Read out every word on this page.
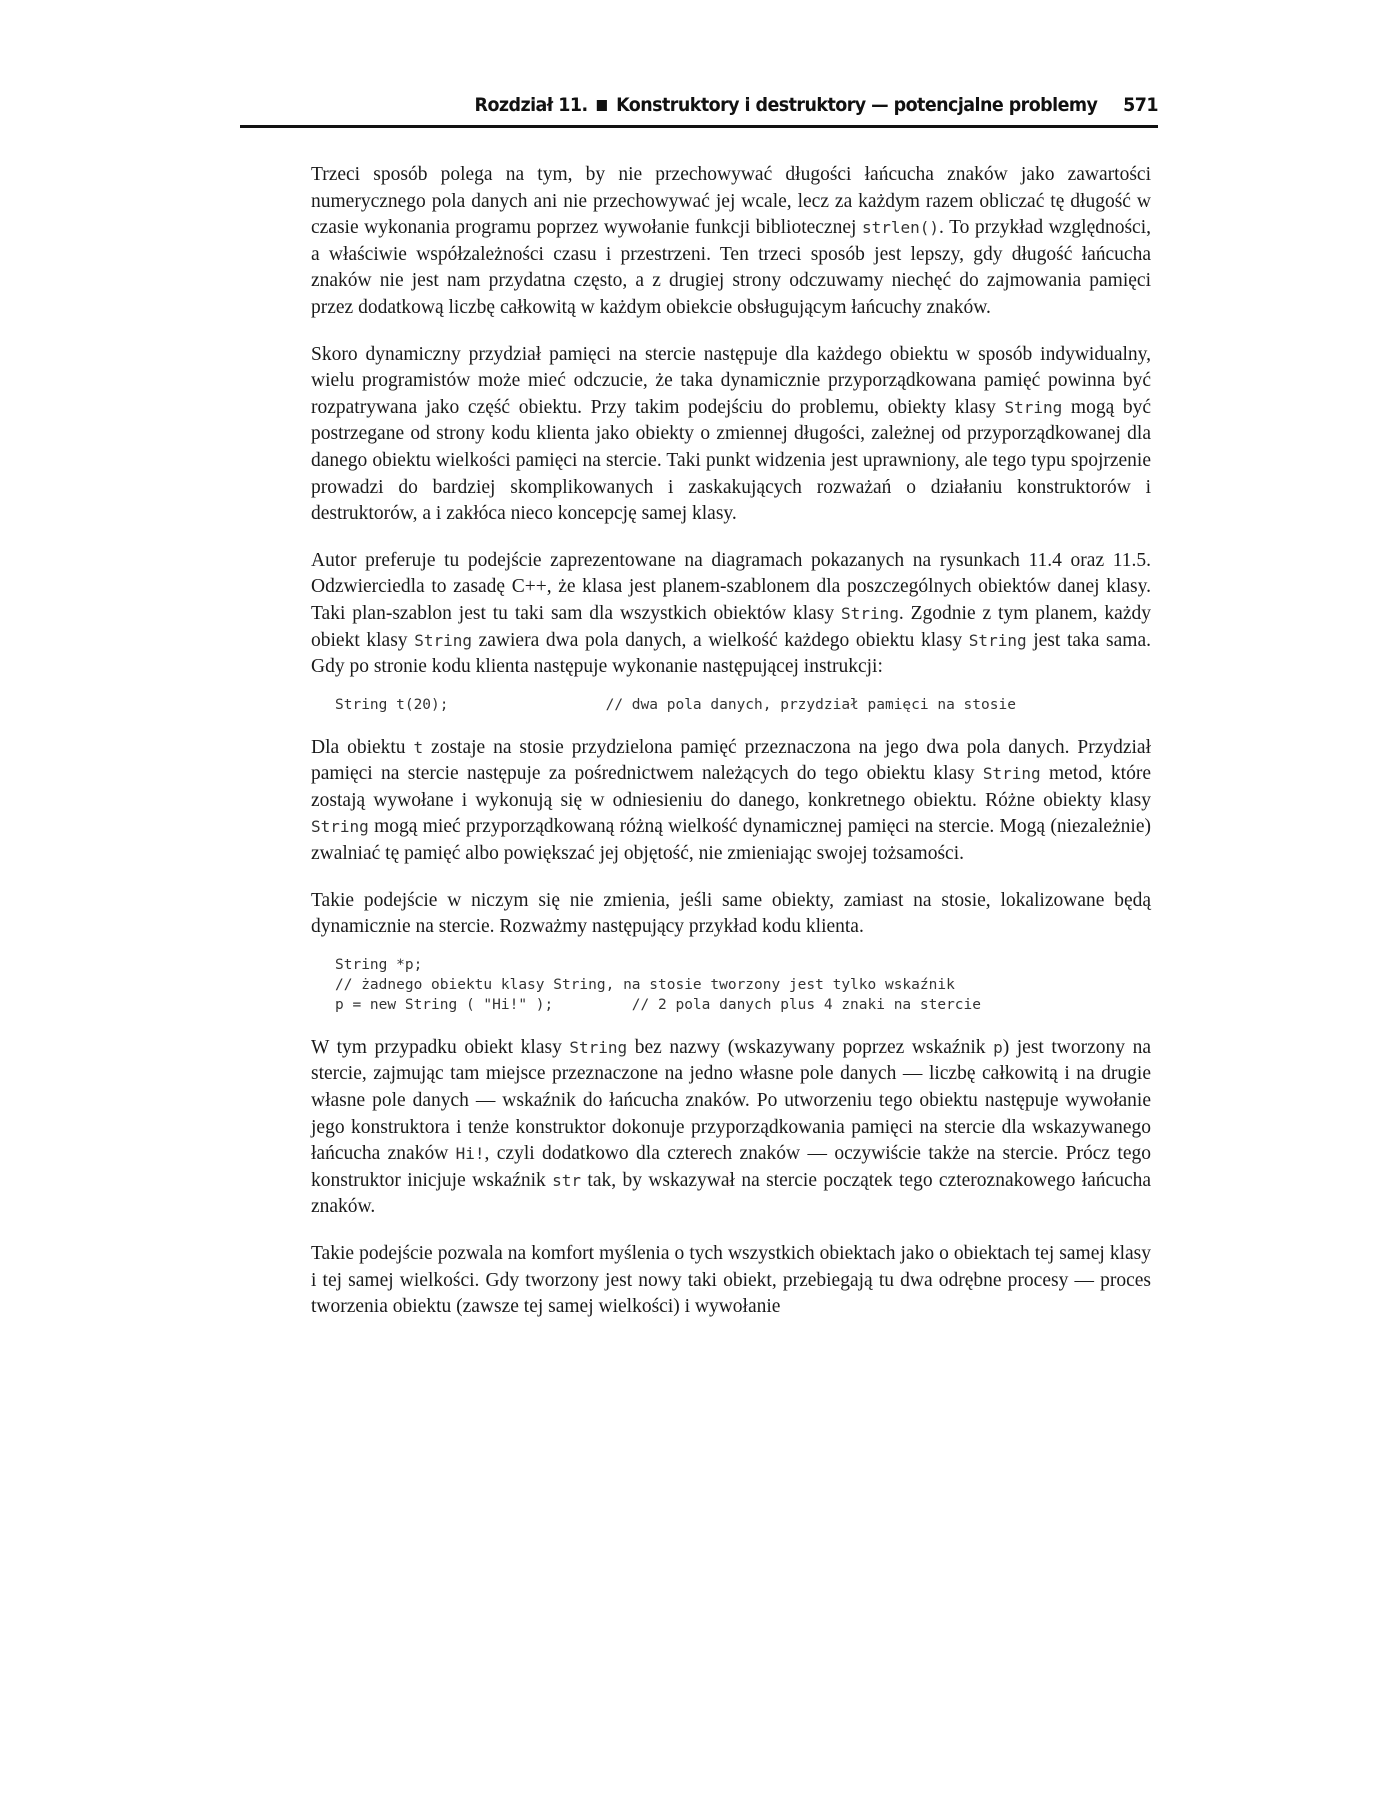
Rozdział 11. Konstruktory i destruktory — potencjalne problemy 571

Trzeci sposób polega na tym, by nie przechowywać długości łańcucha znaków jako zawartości numerycznego pola danych ani nie przechowywać jej wcale, lecz za każdym razem obliczać tę długość w czasie wykonania programu poprzez wywołanie funkcji bibliotecznej strlen(). To przykład względności, a właściwie współzależności czasu i przestrzeni. Ten trzeci sposób jest lepszy, gdy długość łańcucha znaków nie jest nam przydatna często, a z drugiej strony odczuwamy niechęć do zajmowania pamięci przez dodatkową liczbę całkowitą w każdym obiekcie obsługującym łańcuchy znaków.

Skoro dynamiczny przydział pamięci na stercie następuje dla każdego obiektu w sposób indywidualny, wielu programistów może mieć odczucie, że taka dynamicznie przyporządkowana pamięć powinna być rozpatrywana jako część obiektu. Przy takim podejściu do problemu, obiekty klasy String mogą być postrzegane od strony kodu klienta jako obiekty o zmiennej długości, zależnej od przyporządkowanej dla danego obiektu wielkości pamięci na stercie. Taki punkt widzenia jest uprawniony, ale tego typu spojrzenie prowadzi do bardziej skomplikowanych i zaskakujących rozważań o działaniu konstruktorów i destruktorów, a i zakłóca nieco koncepcję samej klasy.

Autor preferuje tu podejście zaprezentowane na diagramach pokazanych na rysunkach 11.4 oraz 11.5. Odzwierciedla to zasadę C++, że klasa jest planem-szablonem dla poszczególnych obiektów danej klasy. Taki plan-szablon jest tu taki sam dla wszystkich obiektów klasy String. Zgodnie z tym planem, każdy obiekt klasy String zawiera dwa pola danych, a wielkość każdego obiektu klasy String jest taka sama. Gdy po stronie kodu klienta następuje wykonanie następującej instrukcji:

String t(20);                  // dwa pola danych, przydział pamięci na stosie

Dla obiektu t zostaje na stosie przydzielona pamięć przeznaczona na jego dwa pola danych. Przydział pamięci na stercie następuje za pośrednictwem należących do tego obiektu klasy String metod, które zostają wywołane i wykonują się w odniesieniu do danego, konkretnego obiektu. Różne obiekty klasy String mogą mieć przyporządkowaną różną wielkość dynamicznej pamięci na stercie. Mogą (niezależnie) zwalniać tę pamięć albo powiększać jej objętość, nie zmieniając swojej tożsamości.

Takie podejście w niczym się nie zmienia, jeśli same obiekty, zamiast na stosie, lokalizowane będą dynamicznie na stercie. Rozważmy następujący przykład kodu klienta.

String *p;
// żadnego obiektu klasy String, na stosie tworzony jest tylko wskaźnik
p = new String ( "Hi!" );         // 2 pola danych plus 4 znaki na stercie

W tym przypadku obiekt klasy String bez nazwy (wskazywany poprzez wskaźnik p) jest tworzony na stercie, zajmując tam miejsce przeznaczone na jedno własne pole danych — liczbę całkowitą i na drugie własne pole danych — wskaźnik do łańcucha znaków. Po utworzeniu tego obiektu następuje wywołanie jego konstruktora i tenże konstruktor dokonuje przyporządkowania pamięci na stercie dla wskazywanego łańcucha znaków Hi!, czyli dodatkowo dla czterech znaków — oczywiście także na stercie. Prócz tego konstruktor inicjuje wskaźnik str tak, by wskazywał na stercie początek tego czteroznakowego łańcucha znaków.

Takie podejście pozwala na komfort myślenia o tych wszystkich obiektach jako o obiektach tej samej klasy i tej samej wielkości. Gdy tworzony jest nowy taki obiekt, przebiegają tu dwa odrębne procesy — proces tworzenia obiektu (zawsze tej samej wielkości) i wywołanie
